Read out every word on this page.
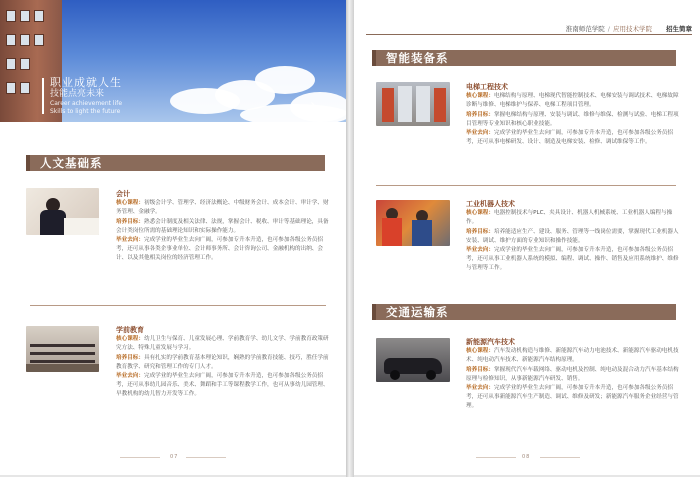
职业成就人生
技能点亮未来
Career achievement life
Skills to light the future	›
人文基础系
会计

核心课程：初级会计学、管理学、经济法概论、中级财务会计、成本会计、审计学、财务管理、金融学。

培养目标：熟悉会计制度及相关法律、法规，掌握会计、税收、审计等基础理论，具备会计类岗位所需的基础理论知识和实际操作能力。

毕业去向：完成学业的毕业生去向广阔，可参加专升本升造，也可参加各级公务员招考，还可从事各类企事业单位、会计师事务所、会计咨询公司、金融机构的出纳、会计、以及其他相关岗位的经济管理工作。

学前教育

核心课程：幼儿卫生与保育、儿童发展心理、学前教育学、幼儿文学、学前教育政策研究方法、特殊儿童发展与学习。

培养目标：具有扎实的学前教育基本理论知识，娴熟的学前教育技能、技巧，胜任学前教育教学、研究和管理工作的专门人才。

毕业去向：完成学业的毕业生去向广阔，可参加专升本升造，也可参加各级公务员招考，还可从事幼儿园音乐、美术、舞蹈和手工等课程教学工作，也可从事幼儿园管理、早教机构的幼儿智力开发等工作。

07
淮南师范学院 / 应用技术学院 招生简章
智能装备系
电梯工程技术

核心课程：电梯结构与原理、电梯现代智能控制技术、电梯安装与调试技术、电梯故障诊断与维修、电梯维护与保养、电梯工程项目管理。

培养目标：掌握电梯结构与原理、安装与调试、维修与维保、检测与试验、电梯工程项目管理等专业知识和核心职业技能。

毕业去向：完成学业的毕业生去向广阔，可参加专升本升造，也可参加各级公务员招考，还可从事电梯研发、设计、制造及电梯安装、检修、调试维保等工作。

工业机器人技术

核心课程：电器控制技术与PLC、夹具设计、机器人机械系统、工业机器人编程与操作。

培养目标：培养能适应生产、建设、服务、管理等一线岗位需要，掌握现代工业机器人安装、调试、维护方面的专业知识和操作技能。

毕业去向：完成学业的毕业生去向广阔，可参加专升本升造，也可参加各级公务员招考，还可从事工业机器人系统的模拟、编程、调试、操作、销售及应用系统维护、维修与管理等工作。

交通运输系
新能源汽车技术

核心课程：汽车发动机构造与维修、新能源汽车动力电池技术、新能源汽车驱动电机技术、纯电动汽车技术、新能源汽车结构原理。

培养目标：掌握现代汽车车载网络、驱动电机及控制、纯电动及混合动力汽车基本结构原理与检修知识，从事新能源汽车研发、销售。

毕业去向：完成学业的毕业生去向广阔，可参加专升本升造，也可参加各级公务员招考，还可从事新能源汽车生产制造、调试、维修及研发；新能源汽车服务企业经营与管理。

08
